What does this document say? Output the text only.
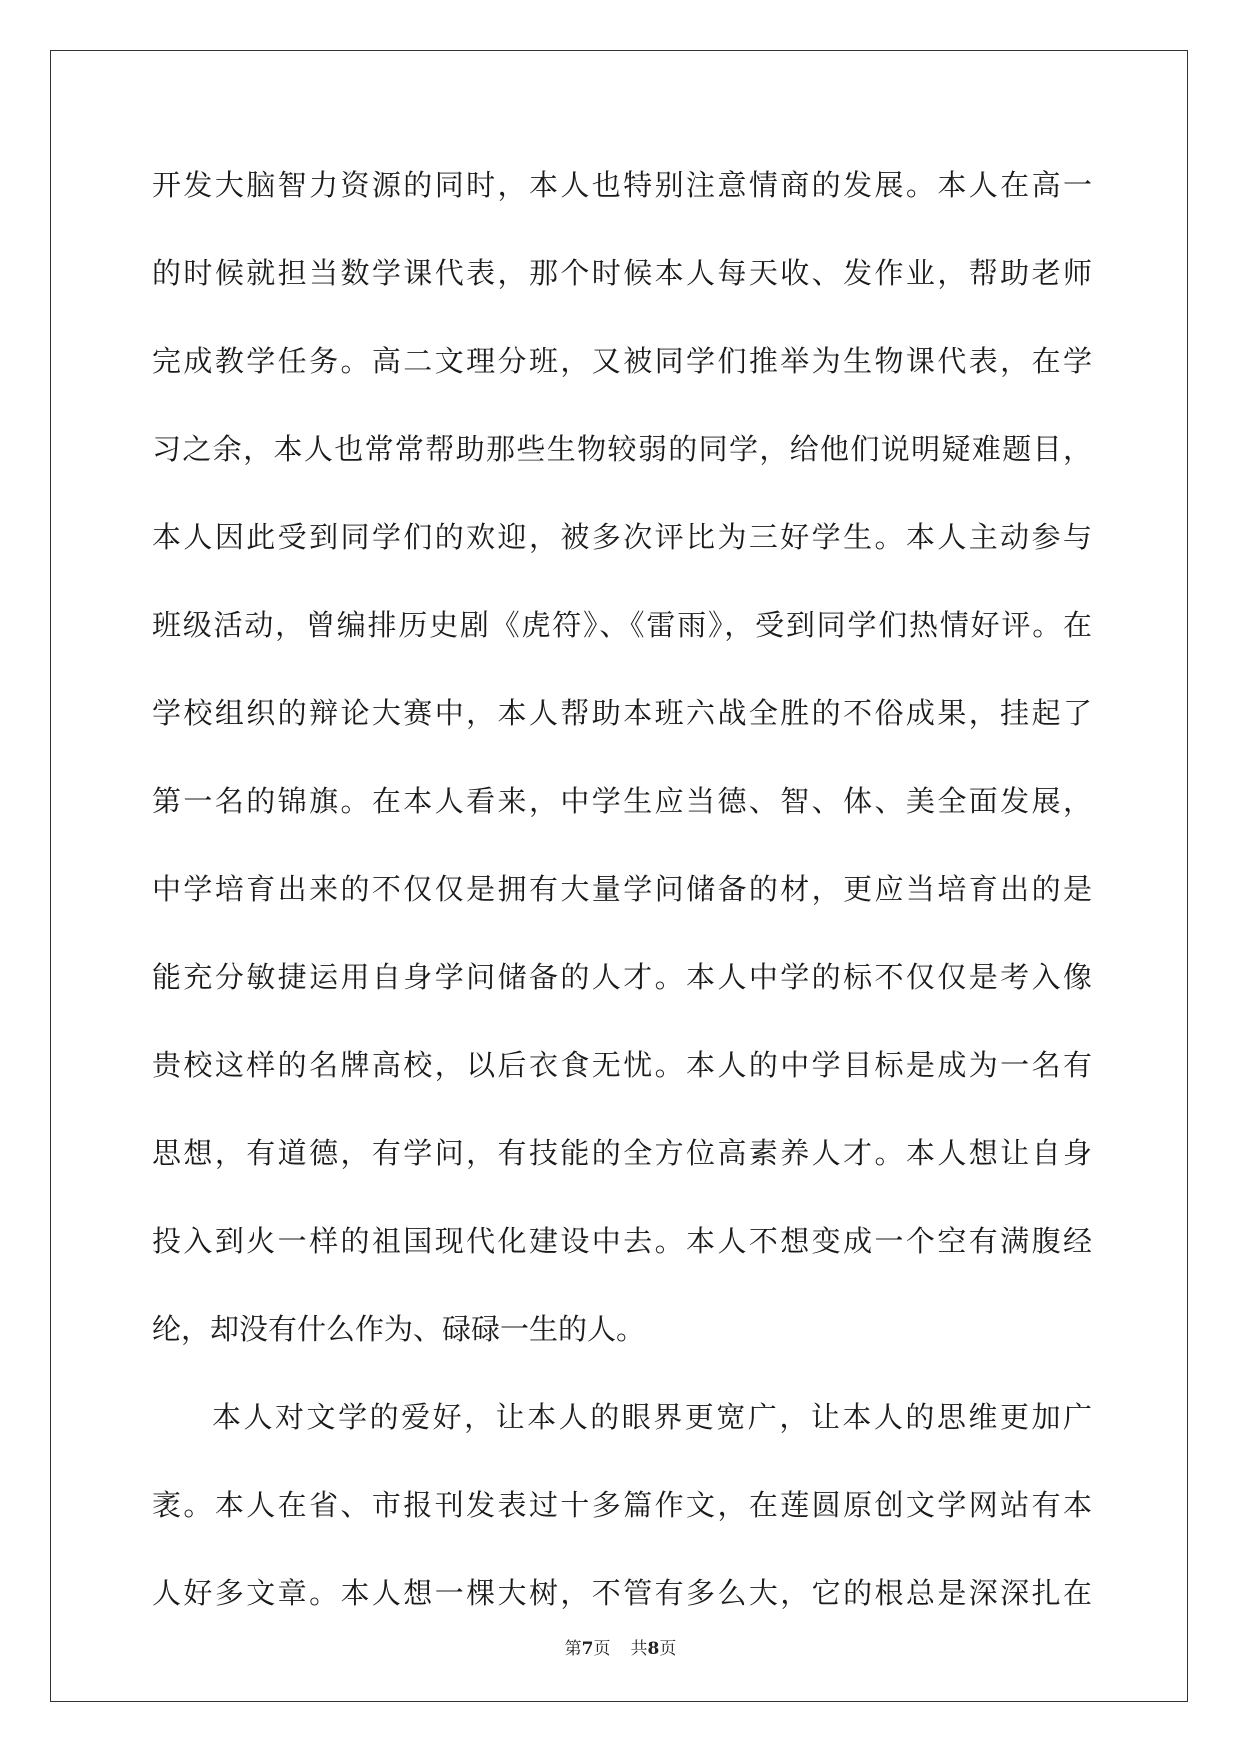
开发大脑智力资源的同时，本人也特别注意情商的发展。本人在高一
的时候就担当数学课代表，那个时候本人每天收、发作业，帮助老师
完成教学任务。高二文理分班，又被同学们推举为生物课代表，在学
习之余，本人也常常帮助那些生物较弱的同学，给他们说明疑难题目，
本人因此受到同学们的欢迎，被多次评比为三好学生。本人主动参与
班级活动，曾编排历史剧《虎符》、《雷雨》，受到同学们热情好评。在
学校组织的辩论大赛中，本人帮助本班六战全胜的不俗成果，挂起了
第一名的锦旗。在本人看来，中学生应当德、智、体、美全面发展，
中学培育出来的不仅仅是拥有大量学问储备的材，更应当培育出的是
能充分敏捷运用自身学问储备的人才。本人中学的标不仅仅是考入像
贵校这样的名牌高校，以后衣食无忧。本人的中学目标是成为一名有
思想，有道德，有学问，有技能的全方位高素养人才。本人想让自身
投入到火一样的祖国现代化建设中去。本人不想变成一个空有满腹经
纶，却没有什么作为、碌碌一生的人。
本人对文学的爱好，让本人的眼界更宽广，让本人的思维更加广
袤。本人在省、市报刊发表过十多篇作文，在莲圆原创文学网站有本
人好多文章。本人想一棵大树，不管有多么大，它的根总是深深扎在
第7页 共8页
